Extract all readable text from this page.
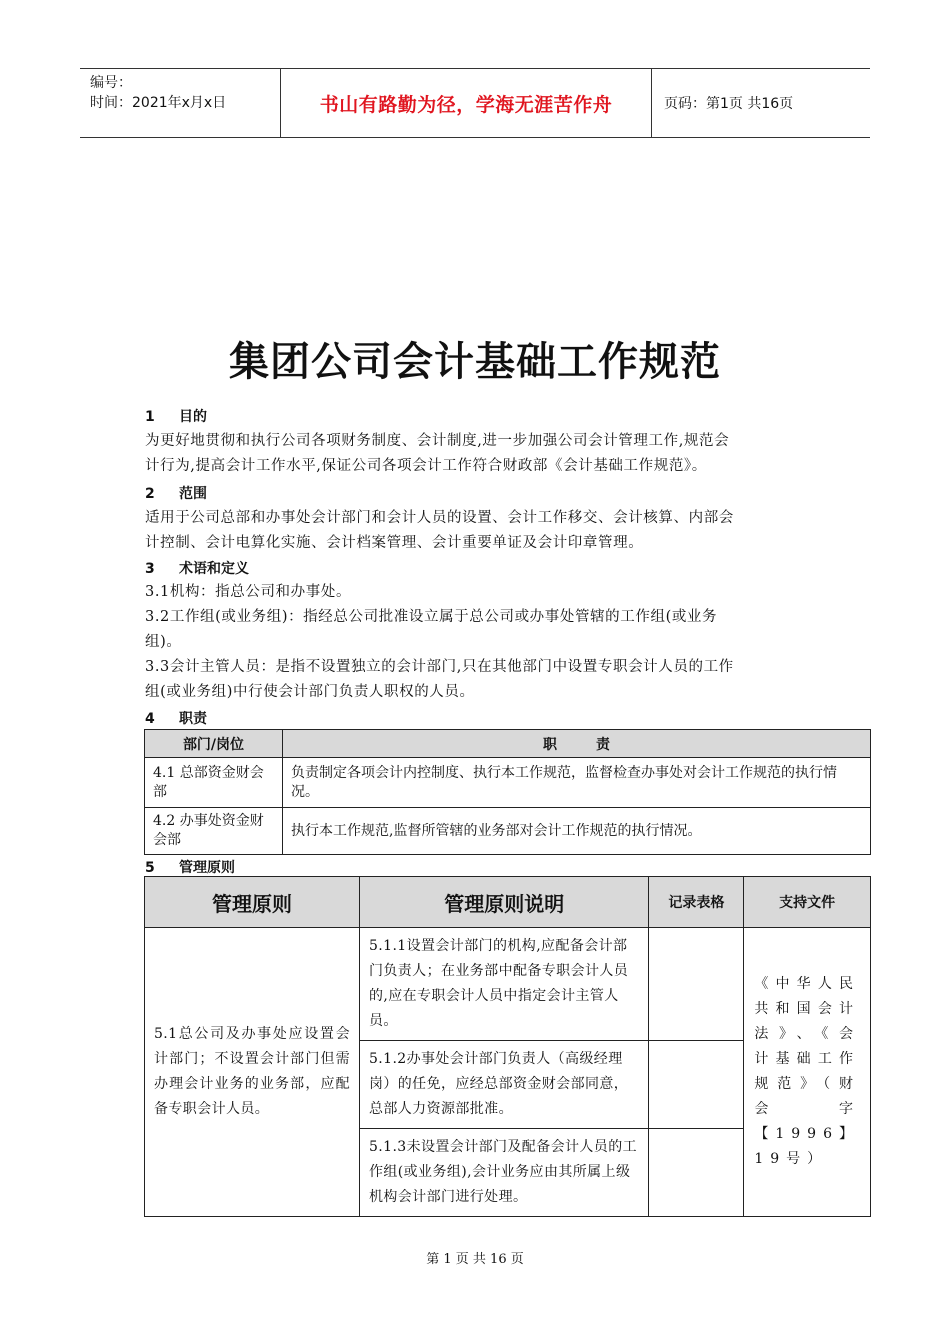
编号：
时间：2021年x月x日	书山有路勤为径，学海无涯苦作舟	页码：第1页 共16页
集团公司会计基础工作规范
1 目的
为更好地贯彻和执行公司各项财务制度、会计制度,进一步加强公司会计管理工作,规范会
计行为,提高会计工作水平,保证公司各项会计工作符合财政部《会计基础工作规范》。
2 范围
适用于公司总部和办事处会计部门和会计人员的设置、会计工作移交、会计核算、内部会
计控制、会计电算化实施、会计档案管理、会计重要单证及会计印章管理。
3 术语和定义
3.1机构：指总公司和办事处。
3.2工作组(或业务组)：指经总公司批准设立属于总公司或办事处管辖的工作组(或业务
组)。
3.3会计主管人员：是指不设置独立的会计部门,只在其他部门中设置专职会计人员的工作
组(或业务组)中行使会计部门负责人职权的人员。
4 职责
部门/岗位	职        责
4.1 总部资金财会部	负责制定各项会计内控制度、执行本工作规范，监督检查办事处对会计工作规范的执行情况。
4.2 办事处资金财会部	执行本工作规范,监督所管辖的业务部对会计工作规范的执行情况。
5 管理原则
管理原则	管理原则说明	记录表格	支持文件
5.1总公司及办事处应设置会计部门；不设置会计部门但需办理会计业务的业务部，应配备专职会计人员。	5.1.1设置会计部门的机构,应配备会计部门负责人；在业务部中配备专职会计人员的,应在专职会计人员中指定会计主管人员。		《中华人民共和国会计法》、《会计基础工作规范》（财会字【1996】19号）
	5.1.2办事处会计部门负责人（高级经理岗）的任免，应经总部资金财会部同意，总部人力资源部批准。		
	5.1.3未设置会计部门及配备会计人员的工作组(或业务组),会计业务应由其所属上级机构会计部门进行处理。		
第 1 页 共 16 页
